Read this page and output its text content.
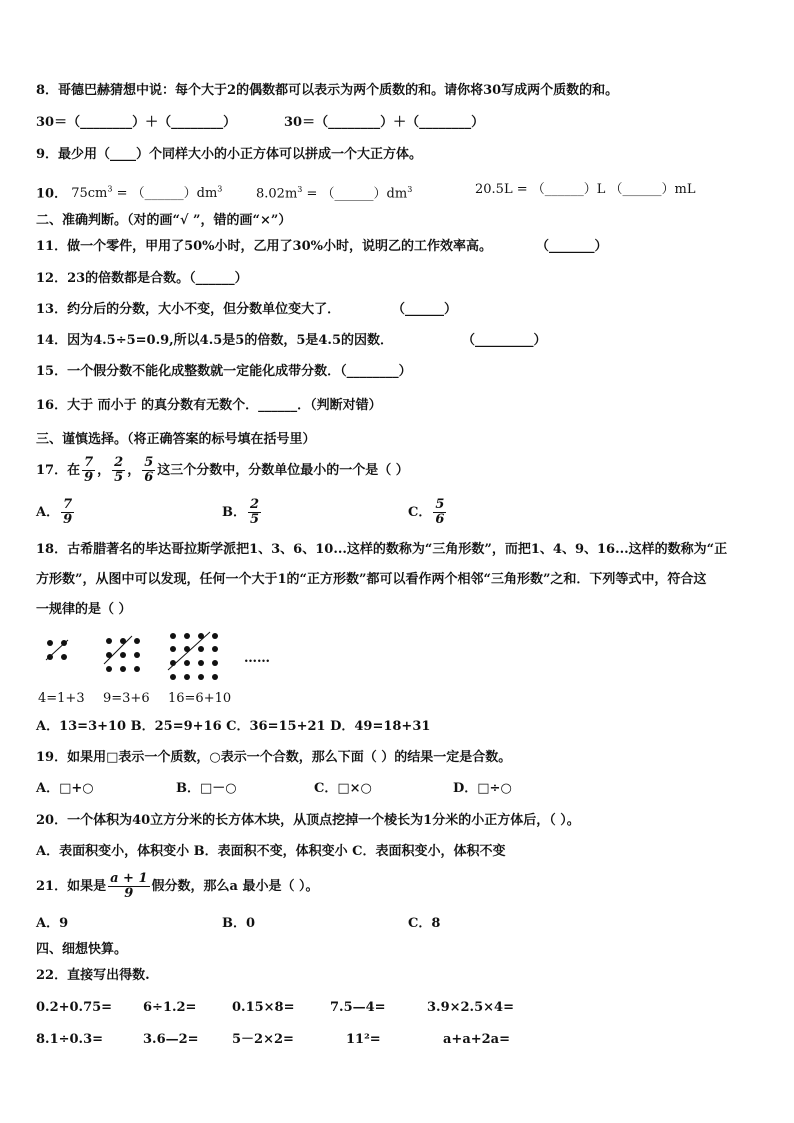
8．哥德巴赫猜想中说：每个大于2的偶数都可以表示为两个质数的和。请你将30写成两个质数的和。
30＝（________）＋（________）	30＝（________）＋（________）
9．最少用（____）个同样大小的小正方体可以拼成一个大正方体。
10． $75cm^3$ = $(\_\_\_\_\_\_)dm^3$	$8.02m^3$ = $(\_\_\_\_\_\_)dm^3$	20.5L = （______）L （______）mL
二、准确判断。（对的画“√ ”，错的画“×”）
11．做一个零件，甲用了50%小时，乙用了30%小时，说明乙的工作效率高。	（_______）
12．23的倍数都是合数。（______）
13．约分后的分数，大小不变，但分数单位变大了．	（______）
14．因为4.5÷5=0.9,所以4.5是5的倍数，5是4.5的因数．	（_________）
15．一个假分数不能化成整数就一定能化成带分数．（________）
16．大于 而小于 的真分数有无数个．______．（判断对错）
三、谨慎选择。（将正确答案的标号填在括号里）
17．在 $\frac{7}{9}$ ， $\frac{2}{5}$ ， $\frac{5}{6}$ 这三个分数中，分数单位最小的一个是（ ）
A． $\frac{7}{9}$	B． $\frac{2}{5}$	C． $\frac{5}{6}$
18．古希腊著名的毕达哥拉斯学派把1、3、6、10...这样的数称为“三角形数”，而把1、4、9、16...这样的数称为“正
方形数”，从图中可以发现，任何一个大于1的“正方形数”都可以看作两个相邻“三角形数”之和．下列等式中，符合这
一规律的是（ ）
……
4=1+3 9=3+6 16=6+10
A．13=3+10 B．25=9+16 C．36=15+21 D．49=18+31
19．如果用□表示一个质数，○表示一个合数，那么下面（ ）的结果一定是合数。
A．□+○	B．□－○	C．□×○	D．□÷○
20．一个体积为40立方分米的长方体木块，从顶点挖掉一个棱长为1分米的小正方体后，（ ）。
A．表面积变小，体积变小 B．表面积不变，体积变小 C．表面积变小，体积不变
21．如果是 $\frac{a + 1}{9}$ 假分数，那么a 最小是（ ）。
A．9	B．0	C．8
四、细想快算。
22．直接写出得数.
0.2+0.75= 6÷1.2=	0.15×8=	7.5—4=	3.9×2.5×4=
8.1÷0.3=	3.6—2=	5－2×2=	11²=	a+a+2a=
